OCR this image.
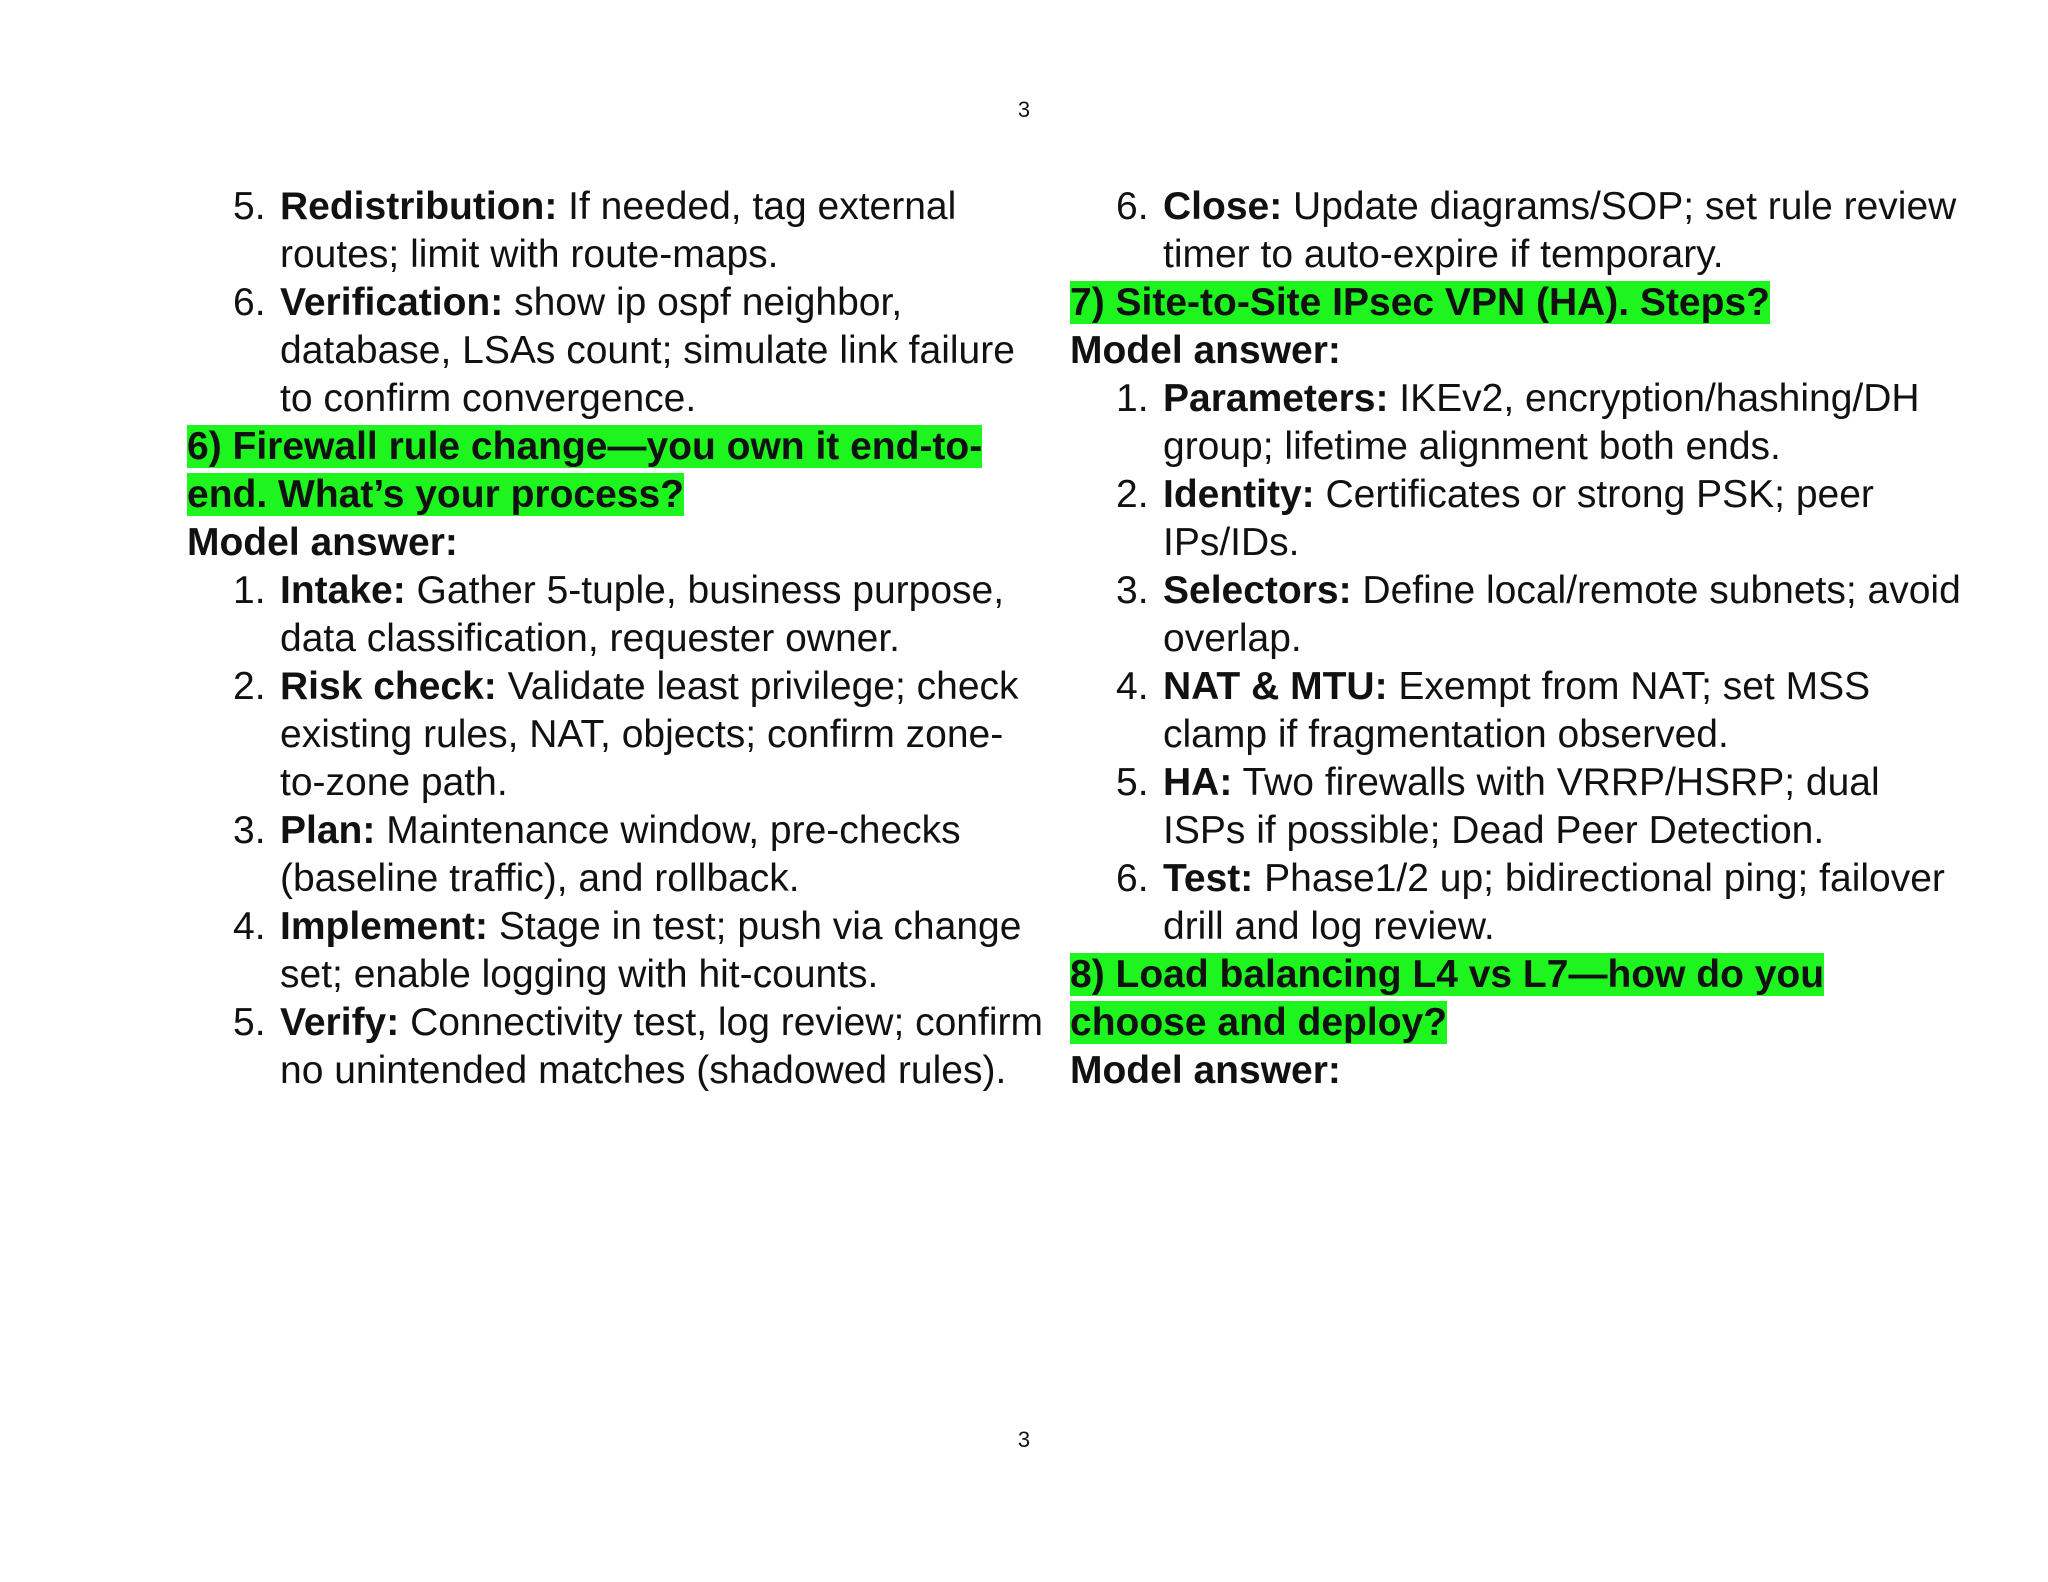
3
5. Redistribution: If needed, tag external routes; limit with route-maps.
6. Verification: show ip ospf neighbor, database, LSAs count; simulate link failure to confirm convergence.
6) Firewall rule change—you own it end-to-end. What’s your process?
Model answer:
1. Intake: Gather 5-tuple, business purpose, data classification, requester owner.
2. Risk check: Validate least privilege; check existing rules, NAT, objects; confirm zone-to-zone path.
3. Plan: Maintenance window, pre-checks (baseline traffic), and rollback.
4. Implement: Stage in test; push via change set; enable logging with hit-counts.
5. Verify: Connectivity test, log review; confirm no unintended matches (shadowed rules).
6. Close: Update diagrams/SOP; set rule review timer to auto-expire if temporary.
7) Site-to-Site IPsec VPN (HA). Steps?
Model answer:
1. Parameters: IKEv2, encryption/hashing/DH group; lifetime alignment both ends.
2. Identity: Certificates or strong PSK; peer IPs/IDs.
3. Selectors: Define local/remote subnets; avoid overlap.
4. NAT & MTU: Exempt from NAT; set MSS clamp if fragmentation observed.
5. HA: Two firewalls with VRRP/HSRP; dual ISPs if possible; Dead Peer Detection.
6. Test: Phase1/2 up; bidirectional ping; failover drill and log review.
8) Load balancing L4 vs L7—how do you choose and deploy?
Model answer:
3
